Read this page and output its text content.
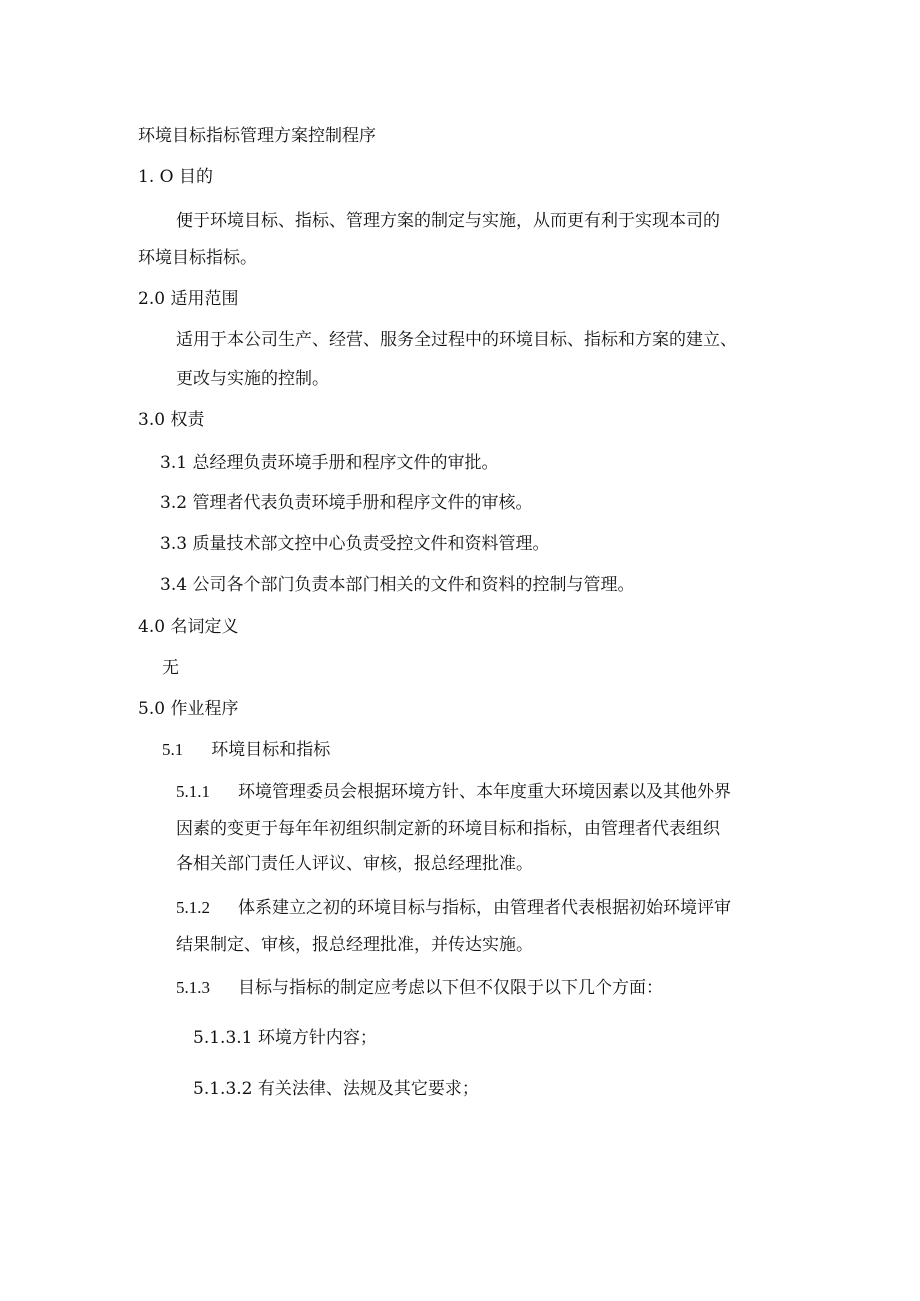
环境目标指标管理方案控制程序
1. O 目的
便于环境目标、指标、管理方案的制定与实施，从而更有利于实现本司的
环境目标指标。
2.0 适用范围
适用于本公司生产、经营、服务全过程中的环境目标、指标和方案的建立、
更改与实施的控制。
3.0 权责
3.1 总经理负责环境手册和程序文件的审批。
3.2 管理者代表负责环境手册和程序文件的审核。
3.3 质量技术部文控中心负责受控文件和资料管理。
3.4 公司各个部门负责本部门相关的文件和资料的控制与管理。
4.0 名词定义
无
5.0 作业程序
5.1 环境目标和指标
5.1.1 环境管理委员会根据环境方针、本年度重大环境因素以及其他外界
因素的变更于每年年初组织制定新的环境目标和指标，由管理者代表组织
各相关部门责任人评议、审核，报总经理批准。
5.1.2 体系建立之初的环境目标与指标，由管理者代表根据初始环境评审
结果制定、审核，报总经理批准，并传达实施。
5.1.3 目标与指标的制定应考虑以下但不仅限于以下几个方面：
5.1.3.1 环境方针内容；
5.1.3.2 有关法律、法规及其它要求；
